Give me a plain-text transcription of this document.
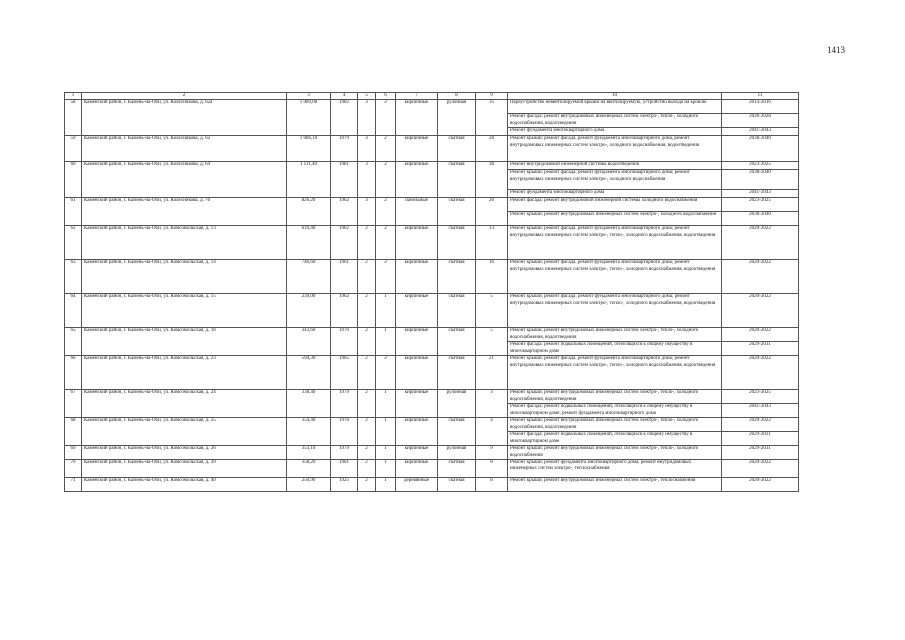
1413
1	2	3	4	5	6	7	8	9	10	11
58	Каменский район, г. Камень-на-Оби, ул. Колесникова, д. 62а	1 089,00	1982	3	2	кирпичные	рулонная	35	Переустройство невентилируемой крыши на вентилируемую, устройство выхода на кровлю	2014-2016
									Ремонт фасада; ремонт внутридомовых инженерных систем электро-, тепло-, холодного водоснабжения, водоотведения	2026-2028
									Ремонт фундамента многоквартирного дома	2041-2043
59	Каменский район, г. Камень-на-Оби, ул. Колесникова, д. 62	1 086,10	1979	3	2	кирпичные	скатная	28	Ремонт крыши; ремонт фасада, ремонт фундамента многоквартирного дома, ремонт внутридомовых инженерных систем электро-, холодного водоснабжения, водоотведения	2038-2040
60	Каменский район, г. Камень-на-Оби, ул. Колесникова, д. 64	1 111,40	1981	3	2	кирпичные	скатная	38	Ремонт внутридомовой инженерной системы водоотведения	2023-2025
									Ремонт крыши; ремонт фасада; ремонт фундамента многоквартирного дома; ремонт внутридомовых инженерных систем электро-, холодного водоснабжения	2038-2040
									Ремонт фундамента многоквартирного дома	2041-2043
61	Каменский район, г. Камень-на-Оби, ул. Колесникова, д. 70	826,20	1962	3	2	панельные	скатная	20	Ремонт фасада; ремонт внутридомовой инженерной системы холодного водоснабжения	2023-2025
									Ремонт крыши; ремонт внутридомовых инженерных систем электро-, холодного водоснабжения	2038-2040
62	Каменский район, г. Камень-на-Оби, ул. Комсомольская, д. 13	610,40	1962	2	2	кирпичные	скатная	13	Ремонт крыши; ремонт фасада, ремонт фундамента многоквартирного дома; ремонт внутридомовых инженерных систем электро-, тепло-, холодного водоснабжения, водоотведения	2020-2022
63	Каменский район, г. Камень-на-Оби, ул. Комсомольская, д. 14	746,60	1961	2	2	кирпичные	скатная	16	Ремонт крыши; ремонт фасада, ремонт фундамента многоквартирного дома; ремонт внутридомовых инженерных систем электро-, тепло-, холодного водоснабжения, водоотведения	2020-2022
64	Каменский район, г. Камень-на-Оби, ул. Комсомольская, д. 15	239,00	1962	2	1	кирпичные	скатная	5	Ремонт крыши; ремонт фасада; ремонт фундамента многоквартирного дома; ремонт внутридомовых инженерных систем электро-, тепло-, холодного водоснабжения, водоотведения	2020-2022
65	Каменский район, г. Камень-на-Оби, ул. Комсомольская, д. 18	343,60	1970	2	1	кирпичные	скатная	5	Ремонт крыши; ремонт внутридомовых инженерных систем электро-, тепло-, холодного водоснабжения, водоотведения	2020-2022
									Ремонт фасада; ремонт подвальных помещений, относящихся к общему имуществу в многоквартирном доме	2029-2031
66	Каменский район, г. Камень-на-Оби, ул. Комсомольская, д. 23	594,30	1965	2	2	кирпичные	скатная	21	Ремонт крыши; ремонт фасада, ремонт фундамента многоквартирного дома; ремонт внутридомовых инженерных систем электро-, тепло-, холодного водоснабжения, водоотведения	2020-2022
67	Каменский район, г. Камень-на-Оби, ул. Комсомольская, д. 24	338,40	1979	2	1	кирпичные	рулонная	3	Ремонт крыши; ремонт внутридомовых инженерных систем электро-, тепло-, холодного водоснабжения, водоотведения	2023-2025
									Ремонт фасада; ремонт подвальных помещений, относящихся к общему имуществу в многоквартирном доме; ремонт фундамента многоквартирного дома	2041-2043
68	Каменский район, г. Камень-на-Оби, ул. Комсомольская, д. 25	354,40	1970	2	1	кирпичные	скатная	4	Ремонт крыши; ремонт внутридомовых инженерных систем электро-, тепло-, холодного водоснабжения, водоотведения	2020-2022
									Ремонт фасада; ремонт подвальных помещений, относящихся к общему имуществу в многоквартирном доме	2029-2031
69	Каменский район, г. Камень-на-Оби, ул. Комсомольская, д. 26	353,10	1979	2	1	кирпичные	рулонная	9	Ремонт крыши; ремонт внутридомовых инженерных систем электро-, тепло-, холодного водоснабжения	2029-2031
70	Каменский район, г. Камень-на-Оби, ул. Комсомольская, д. 39	358,20	1901	2	1	кирпичные	скатная	8	Ремонт крыши; ремонт фундамента многоквартирного дома; ремонт внутридомовых инженерных систем электро-, теплоснабжения	2020-2022
71	Каменский район, г. Камень-на-Оби, ул. Комсомольская, д. 40	250,90	1925	2	1	деревянные	скатная	8	Ремонт крыши; ремонт внутридомовых инженерных систем электро-, теплоснабжения	2020-2022
